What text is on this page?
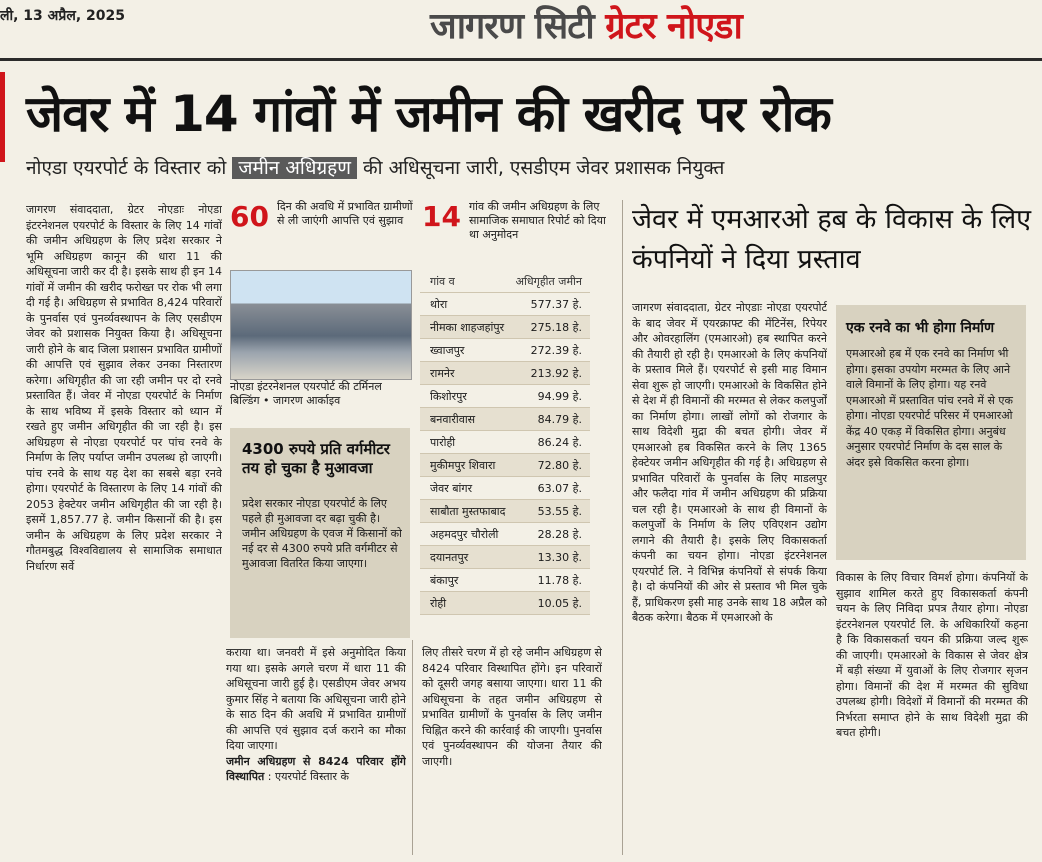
ली, 13 अप्रैल, 2025	जागरण सिटी ग्रेटर नोएडा
जेवर में 14 गांवों में जमीन की खरीद पर रोक
नोएडा एयरपोर्ट के विस्तार को जमीन अधिग्रहण की अधिसूचना जारी, एसडीएम जेवर प्रशासक नियुक्त
जागरण संवाददाता, ग्रेटर नोएडाः नोएडा इंटरनेशनल एयरपोर्ट के विस्तार के लिए 14 गांवों की जमीन अधिग्रहण के लिए प्रदेश सरकार ने भूमि अधिग्रहण कानून की धारा 11 की अधिसूचना जारी कर दी है। इसके साथ ही इन 14 गांवों में जमीन की खरीद फरोख्त पर रोक भी लगा दी गई है। अधिग्रहण से प्रभावित 8,424 परिवारों के पुनर्वास एवं पुनर्व्यवस्थापन के लिए एसडीएम जेवर को प्रशासक नियुक्त किया है। अधिसूचना जारी होने के बाद जिला प्रशासन प्रभावित ग्रामीणों की आपत्ति एवं सुझाव लेकर उनका निस्तारण करेगा। अधिगृहीत की जा रही जमीन पर दो रनवे प्रस्तावित हैं। जेवर में नोएडा एयरपोर्ट के निर्माण के साथ भविष्य में इसके विस्तार को ध्यान में रखते हुए जमीन अधिगृहीत की जा रही है। इस अधिग्रहण से नोएडा एयरपोर्ट पर पांच रनवे के निर्माण के लिए पर्याप्त जमीन उपलब्ध हो जाएगी। पांच रनवे के साथ यह देश का सबसे बड़ा रनवे होगा। एयरपोर्ट के विस्तारण के लिए 14 गांवों की 2053 हेक्टेयर जमीन अधिगृहीत की जा रही है। इसमें 1,857.77 हे. जमीन किसानों की है। इस जमीन के अधिग्रहण के लिए प्रदेश सरकार ने गौतमबुद्ध विश्वविद्यालय से सामाजिक समाधात निर्धारण सर्वे
60 दिन की अवधि में प्रभावित ग्रामीणों से ली जाएंगी आपत्ति एवं सुझाव 14 गांव की जमीन अधिग्रहण के लिए सामाजिक समाघात रिपोर्ट को दिया था अनुमोदन
नोएडा इंटरनेशनल एयरपोर्ट की टर्मिनल बिल्डिंग • जागरण आर्काइव
4300 रुपये प्रति वर्गमीटर तय हो चुका है मुआवजा
प्रदेश सरकार नोएडा एयरपोर्ट के लिए पहले ही मुआवजा दर बढ़ा चुकी है। जमीन अधिग्रहण के एवज में किसानों को नई दर से 4300 रुपये प्रति वर्गमीटर से मुआवजा वितरित किया जाएगा।
गांव व	अधिगृहीत जमीन
थोरा	577.37 हे.
नीमका शाहजहांपुर 275.18 हे.
ख्वाजपुर	272.39 हे.
रामनेर	213.92 हे.
किशोरपुर	94.99 हे.
बनवारीवास	84.79 हे.
पारोही	86.24 हे.
मुकीमपुर शिवारा	72.80 हे.
जेवर बांगर	63.07 हे.
साबौता मुस्तफाबाद	53.55 हे.
अहमदपुर चौरोली	28.28 हे.
दयानतपुर	13.30 हे.
बंकापुर	11.78 हे.
रोही	10.05 हे.
कराया था। जनवरी में इसे अनुमोदित किया गया था। इसके अगले चरण में धारा 11 की अधिसूचना जारी हुई है। एसडीएम जेवर अभय कुमार सिंह ने बताया कि अधिसूचना जारी होने के साठ दिन की अवधि में प्रभावित ग्रामीणों की आपत्ति एवं सुझाव दर्ज कराने का मौका दिया जाएगा।
जमीन अधिग्रहण से 8424 परिवार होंगे विस्थापित : एयरपोर्ट विस्तार के
लिए तीसरे चरण में हो रहे जमीन अधिग्रहण से 8424 परिवार विस्थापित होंगे। इन परिवारों को दूसरी जगह बसाया जाएगा। धारा 11 की अधिसूचना के तहत जमीन अधिग्रहण से प्रभावित ग्रामीणों के पुनर्वास के लिए जमीन चिह्नित करने की कार्रवाई की जाएगी। पुनर्वास एवं पुनर्व्यवस्थापन की योजना तैयार की जाएगी।
जेवर में एमआरओ हब के विकास के लिए कंपनियों ने दिया प्रस्ताव
जागरण संवाददाता, ग्रेटर नोएडाः नोएडा एयरपोर्ट के बाद जेवर में एयरक्राफ्ट की मेंटिनेंस, रिपेयर और ओवरहालिंग (एमआरओ) हब स्थापित करने की तैयारी हो रही है। एमआरओ के लिए कंपनियों के प्रस्ताव मिले हैं। एयरपोर्ट से इसी माह विमान सेवा शुरू हो जाएगी। एमआरओ के विकसित होने से देश में ही विमानों की मरम्मत से लेकर कलपुर्जों का निर्माण होगा। लाखों लोगों को रोजगार के साथ विदेशी मुद्रा की बचत होगी। जेवर में एमआरओ हब विकसित करने के लिए 1365 हेक्टेयर जमीन अधिगृहीत की गई है। अधिग्रहण से प्रभावित परिवारों के पुनर्वास के लिए माडलपुर और फलैदा गांव में जमीन अधिग्रहण की प्रक्रिया चल रही है। एमआरओ के साथ ही विमानों के कलपुर्जों के निर्माण के लिए एविएशन उद्योग लगाने की तैयारी है। इसके लिए विकासकर्ता कंपनी का चयन होगा। नोएडा इंटरनेशनल एयरपोर्ट लि. ने विभिन्न कंपनियों से संपर्क किया है। दो कंपनियों की ओर से प्रस्ताव भी मिल चुके हैं, प्राधिकरण इसी माह उनके साथ 18 अप्रैल को बैठक करेगा। बैठक में एमआरओ के
एक रनवे का भी होगा निर्माण
एमआरओ हब में एक रनवे का निर्माण भी होगा। इसका उपयोग मरम्मत के लिए आने वाले विमानों के लिए होगा। यह रनवे एमआरओ में प्रस्तावित पांच रनवे में से एक होगा। नोएडा एयरपोर्ट परिसर में एमआरओ केंद्र 40 एकड़ में विकसित होगा। अनुबंध अनुसार एयरपोर्ट निर्माण के दस साल के अंदर इसे विकसित करना होगा।
विकास के लिए विचार विमर्श होगा। कंपनियों के सुझाव शामिल करते हुए विकासकर्ता कंपनी चयन के लिए निविदा प्रपत्र तैयार होगा। नोएडा इंटरनेशनल एयरपोर्ट लि. के अधिकारियों कहना है कि विकासकर्ता चयन की प्रक्रिया जल्द शुरू की जाएगी। एमआरओ के विकास से जेवर क्षेत्र में बड़ी संख्या में युवाओं के लिए रोजगार सृजन होगा। विमानों की देश में मरम्मत की सुविधा उपलब्ध होगी। विदेशों में विमानों की मरम्मत की निर्भरता समाप्त होने के साथ विदेशी मुद्रा की बचत होगी।
